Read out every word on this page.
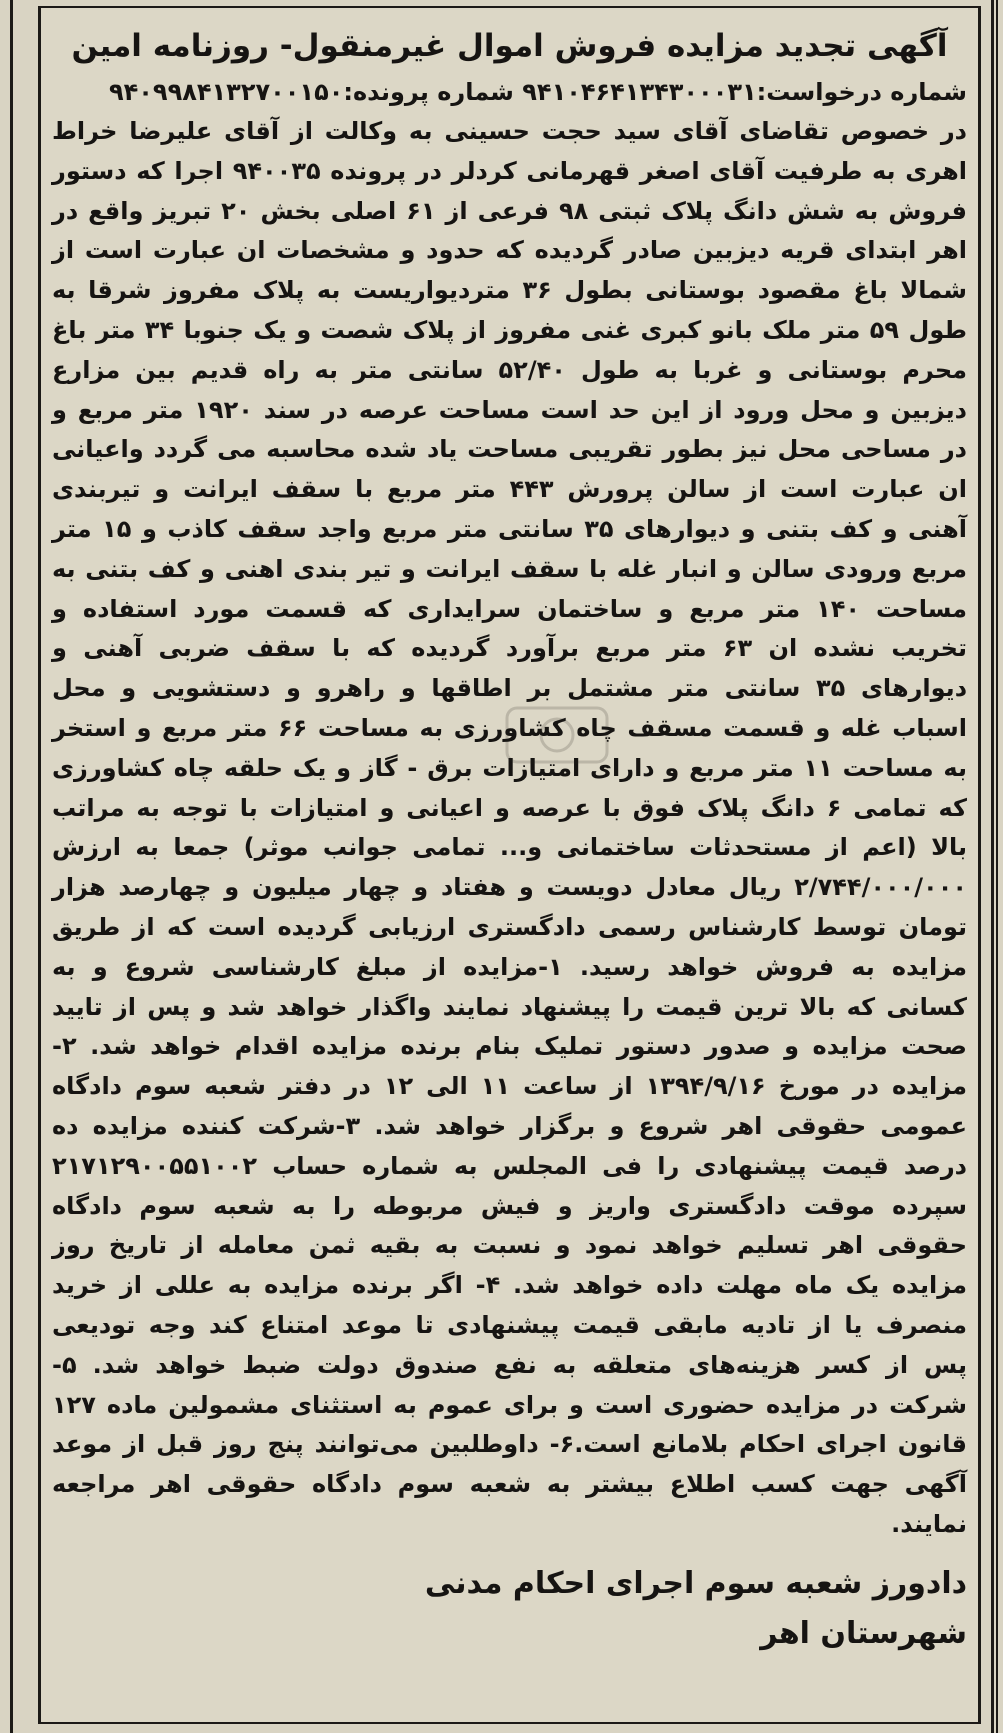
آگهی تجدید مزایده فروش اموال غیرمنقول- روزنامه امین

شماره درخواست:۹۴۱۰۴۶۴۱۳۴۳۰۰۰۳۱ شماره پرونده:۹۴۰۹۹۸۴۱۳۲۷۰۰۱۵۰

در خصوص تقاضای آقای سید حجت حسینی به وکالت از آقای علیرضا خراط اهری به طرفیت آقای اصغر قهرمانی کردلر در پرونده ۹۴۰۰۳۵ اجرا که دستور فروش به شش دانگ پلاک ثبتی ۹۸ فرعی از ۶۱ اصلی بخش ۲۰ تبریز واقع در اهر ابتدای قریه دیزبین صادر گردیده که حدود و مشخصات ان عبارت است از شمالا باغ مقصود بوستانی بطول ۳۶ متردیواریست به پلاک مفروز شرقا به طول ۵۹ متر ملک بانو کبری غنی مفروز از پلاک شصت و یک جنوبا ۳۴ متر باغ محرم بوستانی و غربا به طول ۵۲/۴۰ سانتی متر به راه قدیم بین مزارع دیزبین و محل ورود از این حد است مساحت عرصه در سند ۱۹۲۰ متر مربع و در مساحی محل نیز بطور تقریبی مساحت یاد شده محاسبه می گردد واعیانی ان عبارت است از سالن پرورش ۴۴۳ متر مربع با سقف ایرانت و تیربندی آهنی و کف بتنی و دیوارهای ۳۵ سانتی متر مربع واجد سقف کاذب و ۱۵ متر مربع ورودی سالن و انبار غله با سقف ایرانت و تیر بندی اهنی و کف بتنی به مساحت ۱۴۰ متر مربع و ساختمان سرایداری که قسمت مورد استفاده و تخریب نشده ان ۶۳ متر مربع برآورد گردیده که با سقف ضربی آهنی و دیوارهای ۳۵ سانتی متر مشتمل بر اطاقها و راهرو و دستشویی و محل اسباب غله و قسمت مسقف چاه کشاورزی به مساحت ۶۶ متر مربع و استخر به مساحت ۱۱ متر مربع و دارای امتیازات برق - گاز و یک حلقه چاه کشاورزی که تمامی ۶ دانگ پلاک فوق با عرصه و اعیانی و امتیازات با توجه به مراتب بالا (اعم از مستحدثات ساختمانی و... تمامی جوانب موثر) جمعا به ارزش ۲/۷۴۴/۰۰۰/۰۰۰ ریال معادل دویست و هفتاد و چهار میلیون و چهارصد هزار تومان توسط کارشناس رسمی دادگستری ارزیابی گردیده است که از طریق مزایده به فروش خواهد رسید. ۱-مزایده از مبلغ کارشناسی شروع و به کسانی که بالا ترین قیمت را پیشنهاد نمایند واگذار خواهد شد و پس از تایید صحت مزایده و صدور دستور تملیک بنام برنده مزایده اقدام خواهد شد. ۲- مزایده در مورخ ۱۳۹۴/۹/۱۶ از ساعت ۱۱ الی ۱۲ در دفتر شعبه سوم دادگاه عمومی حقوقی اهر شروع و برگزار خواهد شد. ۳-شرکت کننده مزایده ده درصد قیمت پیشنهادی را فی المجلس به شماره حساب ۲۱۷۱۲۹۰۰۵۵۱۰۰۲ سپرده موقت دادگستری واریز و فیش مربوطه را به شعبه سوم دادگاه حقوقی اهر تسلیم خواهد نمود و نسبت به بقیه ثمن معامله از تاریخ روز مزایده یک ماه مهلت داده خواهد شد. ۴- اگر برنده مزایده به عللی از خرید منصرف یا از تادیه مابقی قیمت پیشنهادی تا موعد امتناع کند وجه تودیعی پس از کسر هزینه‌های متعلقه به نفع صندوق دولت ضبط خواهد شد. ۵- شرکت در مزایده حضوری است و برای عموم به استثنای مشمولین ماده ۱۲۷ قانون اجرای احکام بلامانع است.۶- داوطلبین می‌توانند پنج روز قبل از موعد آگهی جهت کسب اطلاع بیشتر به شعبه سوم دادگاه حقوقی اهر مراجعه نمایند.

دادورز شعبه سوم اجرای احکام مدنی
شهرستان اهر
